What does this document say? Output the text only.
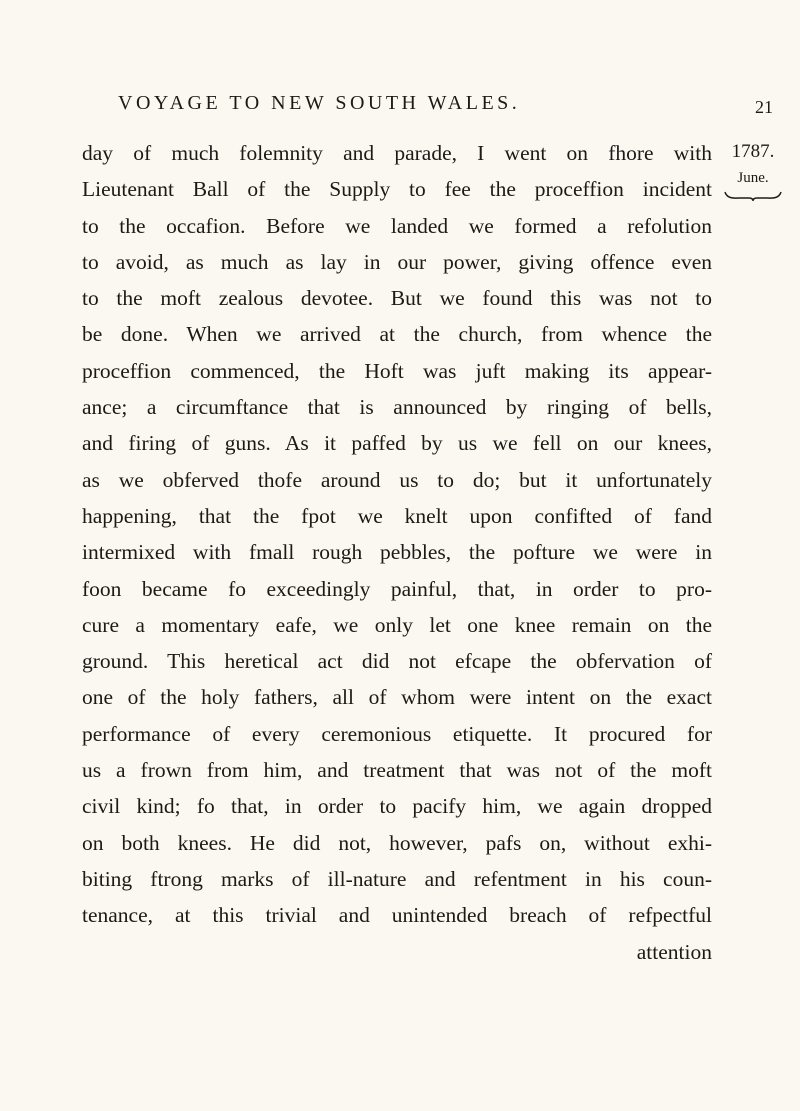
VOYAGE TO NEW SOUTH WALES.	21
1787.
June.
day of much folemnity and parade, I went on fhore with
Lieutenant Ball of the Supply to fee the proceffion incident
to the occafion. Before we landed we formed a refolution
to avoid, as much as lay in our power, giving offence even
to the moft zealous devotee. But we found this was not to
be done. When we arrived at the church, from whence the
proceffion commenced, the Hoft was juft making its appear-
ance; a circumftance that is announced by ringing of bells,
and firing of guns. As it paffed by us we fell on our knees,
as we obferved thofe around us to do; but it unfortunately
happening, that the fpot we knelt upon confifted of fand
intermixed with fmall rough pebbles, the pofture we were in
foon became fo exceedingly painful, that, in order to pro-
cure a momentary eafe, we only let one knee remain on the
ground. This heretical act did not efcape the obfervation of
one of the holy fathers, all of whom were intent on the exact
performance of every ceremonious etiquette. It procured for
us a frown from him, and treatment that was not of the moft
civil kind; fo that, in order to pacify him, we again dropped
on both knees. He did not, however, pafs on, without exhi-
biting ftrong marks of ill-nature and refentment in his coun-
tenance, at this trivial and unintended breach of refpectful
attention
